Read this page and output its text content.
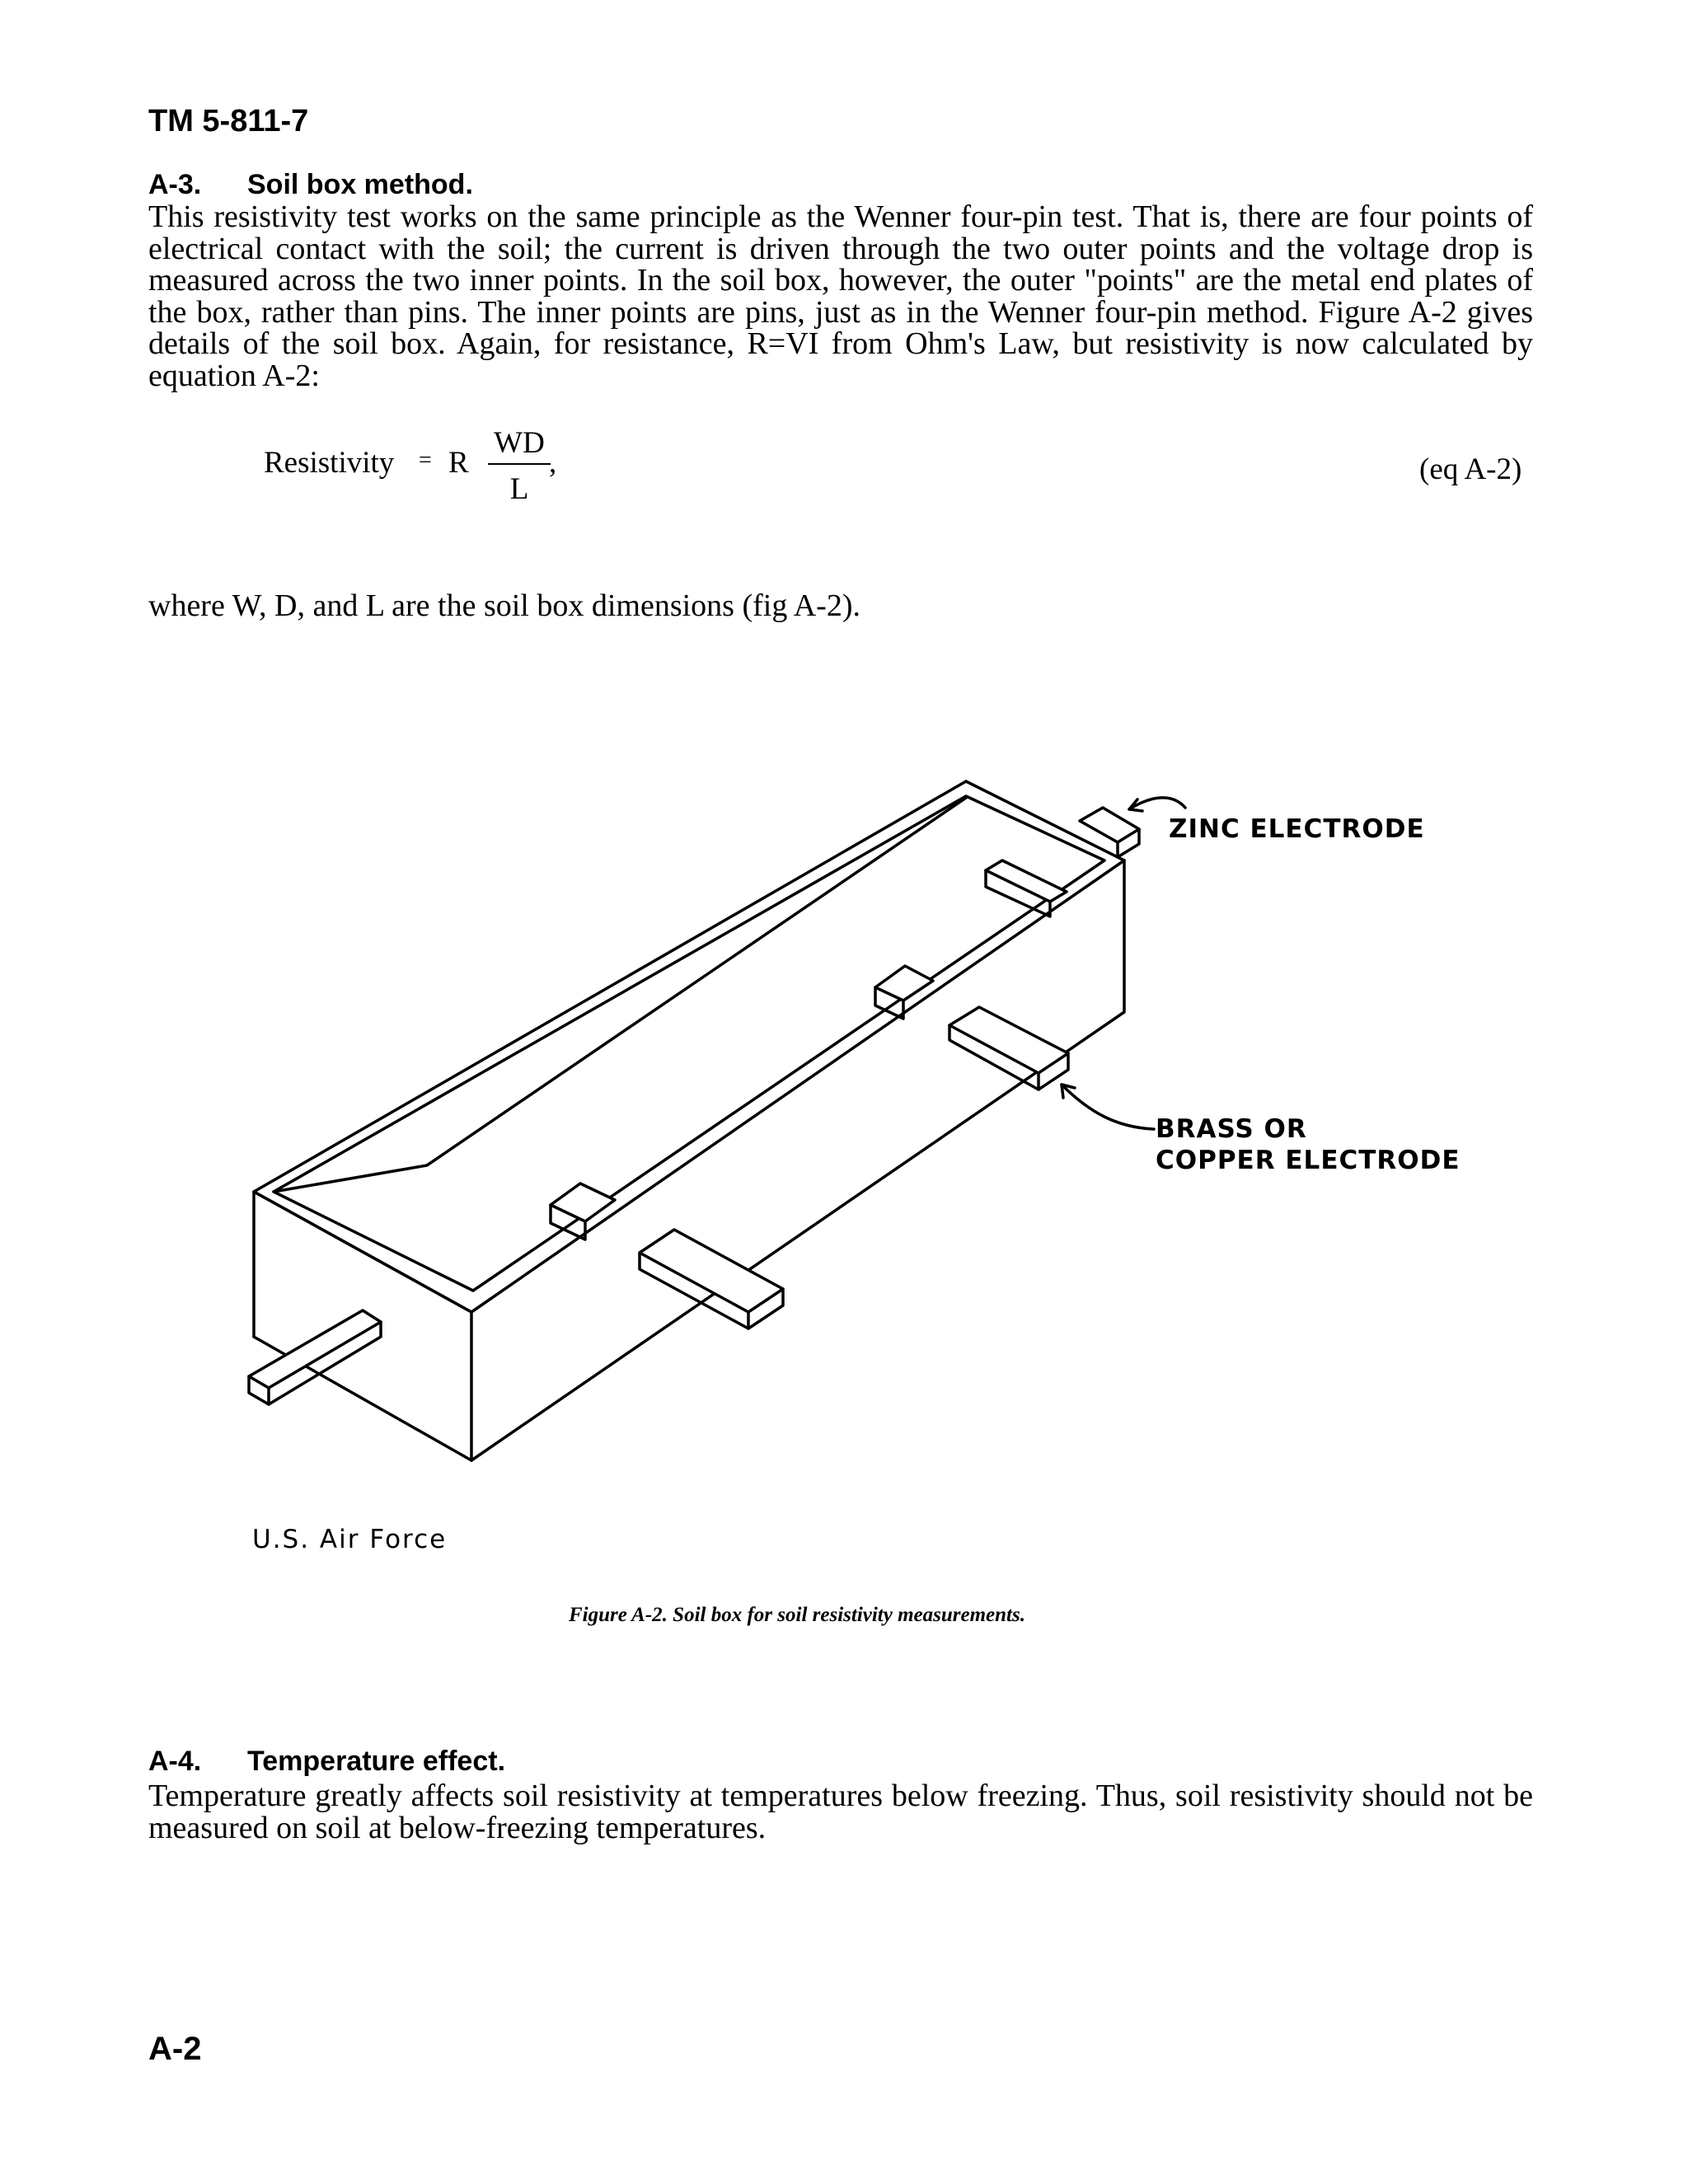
TM 5-811-7
A-3. Soil box method.

This resistivity test works on the same principle as the Wenner four-pin test. That is, there are four points of electrical contact with the soil; the current is driven through the two outer points and the voltage drop is measured across the two inner points. In the soil box, however, the outer "points" are the metal end plates of the box, rather than pins. The inner points are pins, just as in the Wenner four-pin method. Figure A-2 gives details of the soil box. Again, for resistance, R=VI from Ohm's Law, but resistivity is now calculated by equation A-2:

Resistivity = R
WD
L
,	(eq A-2)
where W, D, and L are the soil box dimensions (fig A-2).
ZINC ELECTRODE
BRASS OR
COPPER ELECTRODE
U.S. Air Force
Figure A-2. Soil box for soil resistivity measurements.
A-4. Temperature effect.

Temperature greatly affects soil resistivity at temperatures below freezing. Thus, soil resistivity should not be measured on soil at below-freezing temperatures.

A-2
